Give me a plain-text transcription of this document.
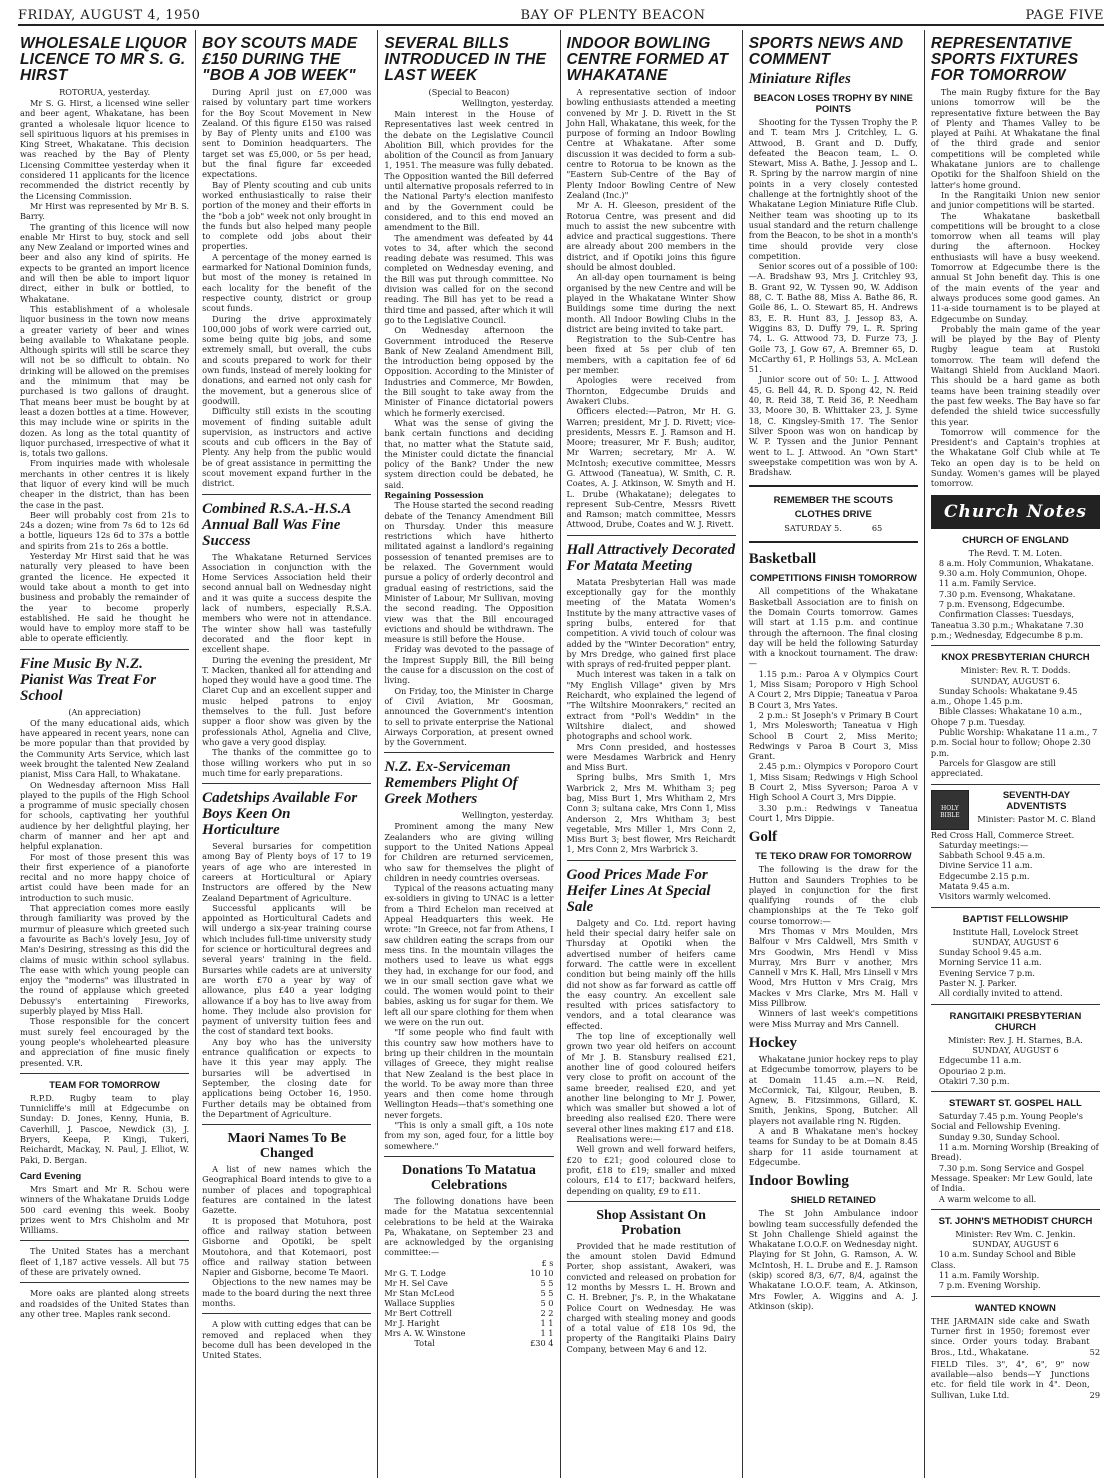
FRIDAY, AUGUST 4, 1950	BAY OF PLENTY BEACON	PAGE FIVE
WHOLESALE LIQUOR LICENCE TO MR S. G. HIRST
ROTORUA, yesterday.

Mr S. G. Hirst, a licensed wine seller and beer agent, Whakatane, has been granted a wholesale liquor licence to sell spirituous liquors at his premises in King Street, Whakatane. This decision was reached by the Bay of Plenty Licensing Committee yesterday when it considered 11 applicants for the licence recommended the district recently by the Licensing Commission.

Mr Hirst was represented by Mr B. S. Barry.

The granting of this licence will now enable Mr Hirst to buy, stock and sell any New Zealand or imported wines and beer and also any kind of spirits. He expects to be granted an import licence and will then be able to import liquor direct, either in bulk or bottled, to Whakatane.

This establishment of a wholesale liquor business in the town now means a greater variety of beer and wines being available to Whakatane people. Although spirits will still be scarce they will not be so difficult to obtain. No drinking will be allowed on the premises and the minimum that may be purchased is two gallons of draught. That means beer must be bought by at least a dozen bottles at a time. However, this may include wine or spirits in the dozen. As long as the total quantity of liquor purchased, irrespective of what it is, totals two gallons.

From inquiries made with wholesale merchants in other centres it is likely that liquor of every kind will be much cheaper in the district, than has been the case in the past.

Beer will probably cost from 21s to 24s a dozen; wine from 7s 6d to 12s 6d a bottle, liqueurs 12s 6d to 37s a bottle and spirits from 21s to 26s a bottle.

Yesterday Mr Hirst said that he was naturally very pleased to have been granted the licence. He expected it would take about a month to get into business and probably the remainder of the year to become properly established. He said he thought he would have to employ more staff to be able to operate efficiently.

Fine Music By N.Z. Pianist Was Treat For School
(An appreciation)

Of the many educational aids, which have appeared in recent years, none can be more popular than that provided by the Community Arts Service, which last week brought the talented New Zealand pianist, Miss Cara Hall, to Whakatane.

On Wednesday afternoon Miss Hall played to the pupils of the High School a programme of music specially chosen for schools, captivating her youthful audience by her delightful playing, her charm of manner and her apt and helpful explanation.

For most of those present this was their first experience of a pianoforte recital and no more happy choice of artist could have been made for an introduction to such music.

That appreciation comes more easily through familiarity was proved by the murmur of pleasure which greeted such a favourite as Bach's lovely Jesu, Joy of Man's Desiring, stressing as this did the claims of music within school syllabus. The ease with which young people can enjoy the "moderns" was illustrated in the round of applause which greeted Debussy's entertaining Fireworks, superbly played by Miss Hall.

Those responsible for the concert must surely feel encouraged by the young people's wholehearted pleasure and appreciation of fine music finely presented. V.R.

TEAM FOR TOMORROW

R.P.D. Rugby team to play Tunnicliffe's mill at Edgecumbe on Sunday: D. Jones, Kenny, Hunia, B. Caverhill, J. Pascoe, Newdick (3), J. Bryers, Keepa, P. Kingi, Tukeri, Reichardt, Mackay, N. Paul, J. Elliot, W. Paki, D. Bergan.

Card Evening

Mrs Smart and Mr R. Schou were winners of the Whakatane Druids Lodge 500 card evening this week. Booby prizes went to Mrs Chisholm and Mr Williams.

The United States has a merchant fleet of 1,187 active vessels. All but 75 of these are privately owned.

More oaks are planted along streets and roadsides of the United States than any other tree. Maples rank second.

BOY SCOUTS MADE £150 DURING THE "BOB A JOB WEEK"

During April just on £7,000 was raised by voluntary part time workers for the Boy Scout Movement in New Zealand. Of this figure £150 was raised by Bay of Plenty units and £100 was sent to Dominion headquarters. The target set was £5,000, or 5s per head, but the final figure far exceeded expectations.

Bay of Plenty scouting and cub units worked enthusiastically to raise their portion of the money and their efforts in the "bob a job" week not only brought in the funds but also helped many people to complete odd jobs about their properties.

A percentage of the money earned is earmarked for National Dominion funds, but most of the money is retained in each locality for the benefit of the respective county, district or group scout funds.

During the drive approximately 100,000 jobs of work were carried out, some being quite big jobs, and some extremely small, but overall, the cubs and scouts prepared to work for their own funds, instead of merely looking for donations, and earned not only cash for the movement, but a generous slice of goodwill.

Difficulty still exists in the scouting movement of finding suitable adult supervision, as instructors and active scouts and cub officers in the Bay of Plenty. Any help from the public would be of great assistance in permitting the scout movement expand further in the district.

Combined R.S.A.-H.S.A Annual Ball Was Fine Success

The Whakatane Returned Services Association in conjunction with the Home Services Association held their second annual ball on Wednesday night and it was quite a success despite the lack of numbers, especially R.S.A. members who were not in attendance. The winter show hall was tastefully decorated and the floor kept in excellent shape.

During the evening the president, Mr T. Macken, thanked all for attending and hoped they would have a good time. The Claret Cup and an excellent supper and music helped patrons to enjoy themselves to the full. Just before supper a floor show was given by the professionals Athol, Agnelia and Clive, who gave a very good display.

The thanks of the committee go to those willing workers who put in so much time for early preparations.

Cadetships Available For Boys Keen On Horticulture

Several bursaries for competition among Bay of Plenty boys of 17 to 19 years of age who are interested in careers at Horticultural or Apiary Instructors are offered by the New Zealand Department of Agriculture.

Successful applicants will be appointed as Horticultural Cadets and will undergo a six-year training course which includes full-time university study for science or horticultural degrees and several years' training in the field. Bursaries while cadets are at university are worth £70 a year by way of allowance, plus £40 a year lodging allowance if a boy has to live away from home. They include also provision for payment of university tuition fees and the cost of standard text books.

Any boy who has the university entrance qualification or expects to have it this year may apply. The bursaries will be advertised in September, the closing date for applications being October 16, 1950. Further details may be obtained from the Department of Agriculture.

Maori Names To Be Changed

A list of new names which the Geographical Board intends to give to a number of places and topographical features are contained in the latest Gazette.

It is proposed that Motuhora, post office and railway station between Gisborne and Opotiki, be spelt Moutohora, and that Kotemaori, post office and railway station between Napier and Gisborne, become Te Maori.

Objections to the new names may be made to the board during the next three months.

A plow with cutting edges that can be removed and replaced when they become dull has been developed in the United States.

SEVERAL BILLS INTRODUCED IN THE LAST WEEK
(Special to Beacon)
Wellington, yesterday.

Main interest in the House of Representatives last week centred in the debate on the Legislative Council Abolition Bill, which provides for the abolition of the Council as from January 1, 1951. The measure was fully debated. The Opposition wanted the Bill deferred until alternative proposals referred to in the National Party's election manifesto and by the Government could be considered, and to this end moved an amendment to the Bill.

The amendment was defeated by 44 votes to 34, after which the second reading debate was resumed. This was completed on Wednesday evening, and the Bill was put through committee. No division was called for on the second reading. The Bill has yet to be read a third time and passed, after which it will go to the Legislative Council.

On Wednesday afternoon the Government introduced the Reserve Bank of New Zealand Amendment Bill, the introduction being opposed by the Opposition. According to the Minister of Industries and Commerce, Mr Bowden, the Bill sought to take away from the Minister of Finance dictatorial powers which he formerly exercised.

What was the sense of giving the bank certain functions and deciding that, no matter what the Statute said, the Minister could dictate the financial policy of the Bank? Under the new system direction could be debated, he said.

Regaining Possession

The House started the second reading debate of the Tenancy Amendment Bill on Thursday. Under this measure restrictions which have hitherto militated against a landlord's regaining possession of tenanted premises are to be relaxed. The Government would pursue a policy of orderly decontrol and gradual easing of restrictions, said the Minister of Labour, Mr Sullivan, moving the second reading. The Opposition view was that the Bill encouraged evictions and should be withdrawn. The measure is still before the House.

Friday was devoted to the passage of the Imprest Supply Bill, the Bill being the cause for a discussion on the cost of living.

On Friday, too, the Minister in Charge of Civil Aviation, Mr Goosman, announced the Government's intention to sell to private enterprise the National Airways Corporation, at present owned by the Government.

N.Z. Ex-Serviceman Remembers Plight Of Greek Mothers
Wellington, yesterday.

Prominent among the many New Zealanders who are giving willing support to the United Nations Appeal for Children are returned servicemen, who saw for themselves the plight of children in needy countries overseas.

Typical of the reasons actuating many ex-soldiers in giving to UNAC is a letter from a Third Echelon man received at Appeal Headquarters this week. He wrote: "In Greece, not far from Athens, I saw children eating the scraps from our mess tins. In the mountain villages the mothers used to leave us what eggs they had, in exchange for our food, and we in our small section gave what we could. The women would point to their babies, asking us for sugar for them. We left all our spare clothing for them when we were on the run out.

"If some people who find fault with this country saw how mothers have to bring up their children in the mountain villages of Greece, they might realise that New Zealand is the best place in the world. To be away more than three years and then come home through Wellington Heads—that's something one never forgets.

"This is only a small gift, a 10s note from my son, aged four, for a little boy somewhere."

Donations To Matatua Celebrations

The following donations have been made for the Matatua sexcentennial celebrations to be held at the Wairaka Pa, Whakatane, on September 23 and are acknowledged by the organising committee:—

£ s
Mr G. T. Lodge	10 10
Mr H. Sel Cave	5 5
Mr Stan McLeod	5 5
Wallace Supplies	5 0
Mr Bert Cottrell	2 2
Mr J. Haright	1 1
Mrs A. W. Winstone	1 1
Total	£30 4
INDOOR BOWLING CENTRE FORMED AT WHAKATANE

A representative section of indoor bowling enthusiasts attended a meeting convened by Mr J. D. Rivett in the St John Hall, Whakatane, this week, for the purpose of forming an Indoor Bowling Centre at Whakatane. After some discussion it was decided to form a sub-centre to Rotorua to be known as the "Eastern Sub-Centre of the Bay of Plenty Indoor Bowling Centre of New Zealand (Inc.)"

Mr A. H. Gleeson, president of the Rotorua Centre, was present and did much to assist the new subcentre with advice and practical suggestions. There are already about 200 members in the district, and if Opotiki joins this figure should be almost doubled.

An all-day open tournament is being organised by the new Centre and will be played in the Whakatane Winter Show Buildings some time during the next month. All Indoor Bowling Clubs in the district are being invited to take part.

Registration to the Sub-Centre has been fixed at 5s per club of ten members, with a capitation fee of 6d per member.

Apologies were received from Thornton, Edgecumbe Druids and Awakeri Clubs.

Officers elected:—Patron, Mr H. G. Warren; president, Mr J. D. Rivett; vice-presidents, Messrs E. J. Ramson and H. Moore; treasurer, Mr F. Bush; auditor, Mr Warren; secretary, Mr A. W. McIntosh; executive committee, Messrs G. Attwood (Taneatua), W. Smith, C. R. Coates, A. J. Atkinson, W. Smyth and H. L. Drube (Whakatane); delegates to represent Sub-Centre, Messrs Rivett and Ramson; match committee, Messrs Attwood, Drube, Coates and W. J. Rivett.

Hall Attractively Decorated For Matata Meeting

Matata Presbyterian Hall was made exceptionally gay for the monthly meeting of the Matata Women's Institute by the many attractive vases of spring bulbs, entered for that competition. A vivid touch of colour was added by the "Winter Decoration" entry, by Mrs Dredge, who gained first place with sprays of red-fruited pepper plant.

Much interest was taken in a talk on "My English Village" given by Mrs Reichardt, who explained the legend of "The Wiltshire Moonrakers," recited an extract from "Poll's Weddin" in the Wiltshire dialect, and showed photographs and school work.

Mrs Conn presided, and hostesses were Mesdames Warbrick and Henry and Miss Burt.

Spring bulbs, Mrs Smith 1, Mrs Warbrick 2, Mrs M. Whitham 3; peg bag, Miss Burt 1, Mrs Whitham 2, Mrs Conn 3; sultana cake, Mrs Conn 1, Miss Anderson 2, Mrs Whitham 3; best vegetable, Mrs Miller 1, Mrs Conn 2, Miss Burt 3; best flower, Mrs Reichardt 1, Mrs Conn 2, Mrs Warbrick 3.

Good Prices Made For Heifer Lines At Special Sale

Dalgety and Co. Ltd. report having held their special dairy heifer sale on Thursday at Opotiki when the advertised number of heifers came forward. The cattle were in excellent condition but being mainly off the hills did not show as far forward as cattle off the easy country. An excellent sale resulted with prices satisfactory to vendors, and a total clearance was effected.

The top line of exceptionally well grown two year old heifers on account of Mr J. B. Stansbury realised £21, another line of good coloured heifers very close to profit on account of the same breeder, realised £20, and yet another line belonging to Mr J. Power, which was smaller but showed a lot of breeding also realised £20. There were several other lines making £17 and £18.

Realisations were:—

Well grown and well forward heifers, £20 to £21; good coloured close to profit, £18 to £19; smaller and mixed colours, £14 to £17; backward heifers, depending on quality, £9 to £11.

Shop Assistant On Probation

Provided that he made restitution of the amount stolen David Edmund Porter, shop assistant, Awakeri, was convicted and released on probation for 12 months by Messrs L. H. Brown and C. H. Brebner, J's. P., in the Whakatane Police Court on Wednesday. He was charged with stealing money and goods of a total value of £18 10s 9d, the property of the Rangitaiki Plains Dairy Company, between May 6 and 12.

SPORTS NEWS AND COMMENT
Miniature Rifles
BEACON LOSES TROPHY BY NINE POINTS

Shooting for the Tyssen Trophy the P. and T. team Mrs J. Critchley, L. G. Attwood, B. Grant and D. Duffy, defeated the Beacon team, L. O. Stewart, Miss A. Bathe, J. Jessop and L. R. Spring by the narrow margin of nine points in a very closely contested challenge at the fortnightly shoot of the Whakatane Legion Miniature Rifle Club. Neither team was shooting up to its usual standard and the return challenge from the Beacon, to be shot in a month's time should provide very close competition.

Senior scores out of a possible of 100:—A. Bradshaw 93, Mrs J. Critchley 93, B. Grant 92, W. Tyssen 90, W. Addison 88, C. T. Bathe 88, Miss A. Bathe 86, R. Goile 86, L. O. Stewart 85, H. Andrews 83, E. R. Hunt 83, J. Jessop 83, A. Wiggins 83, D. Duffy 79, L. R. Spring 74, L. G. Attwood 73, D. Furze 73, J. Goile 73, J. Gow 67, A. Bremner 65, D. McCarthy 61, P. Hollings 53, A. McLean 51.

Junior score out of 50: L. J. Attwood 45, G. Bell 44, R. D. Spong 42, N. Reid 40, R. Reid 38, T. Reid 36, P. Needham 33, Moore 30, B. Whittaker 23, J. Syme 18, C. Kingsley-Smith 17. The Senior Silver Spoon was won on handicap by W. P. Tyssen and the Junior Pennant went to L. J. Attwood. An "Own Start" sweepstake competition was won by A. Bradshaw.

REMEMBER THE SCOUTS
CLOTHES DRIVE
SATURDAY 5.	65
Basketball
COMPETITIONS FINISH TOMORROW

All competitions of the Whakatane Basketball Association are to finish on the Domain Courts tomorrow. Games will start at 1.15 p.m. and continue through the afternoon. The final closing day will be held the following Saturday with a knockout tournament. The draw:—

1.15 p.m.: Paroa A v Olympics Court 1, Miss Sisam; Poroporo v High School A Court 2, Mrs Dippie; Taneatua v Paroa B Court 3, Mrs Yates.

2 p.m.: St Joseph's v Primary B Court 1, Mrs Molesworth; Taneatua v High School B Court 2, Miss Merito; Redwings v Paroa B Court 3, Miss Grant.

2.45 p.m.: Olympics v Poroporo Court 1, Miss Sisam; Redwings v High School B Court 2, Miss Syverson; Paroa A v High School A Court 3, Mrs Dippie.

3.30 p.m.: Redwings v Taneatua Court 1, Mrs Dippie.

Golf
TE TEKO DRAW FOR TOMORROW

The following is the draw for the Hutton and Saunders Trophies to be played in conjunction for the first qualifying rounds of the club championships at the Te Teko golf course tomorrow:—

Mrs Thomas v Mrs Moulden, Mrs Balfour v Mrs Caldwell, Mrs Smith v Mrs Goodwin, Mrs Hendl v Miss Murray, Mrs Burr v another, Mrs Cannell v Mrs K. Hall, Mrs Linsell v Mrs Wood, Mrs Hutton v Mrs Craig, Mrs Mackes v Mrs Clarke, Mrs M. Hall v Miss Pillbrow.

Winners of last week's competitions were Miss Murray and Mrs Cannell.

Hockey

Whakatane junior hockey reps to play at Edgecumbe tomorrow, players to be at Domain 11.45 a.m.—N. Reid, McCormick, Tai, Kilgour, Reuben, B. Agnew, B. Fitzsimmons, Gillard, K. Smith, Jenkins, Spong, Butcher. All players not available ring N. Rigden.

A and B Whakatane men's hockey teams for Sunday to be at Domain 8.45 sharp for 11 aside tournament at Edgecumbe.

Indoor Bowling
SHIELD RETAINED

The St John Ambulance indoor bowling team successfully defended the St John Challenge Shield against the Whakatane I.O.O.F. on Wednesday night. Playing for St John, G. Ramson, A. W. McIntosh, H. L. Drube and E. J. Ramson (skip) scored 8/3, 6/7, 8/4, against the Whakatane I.O.O.F. team, A. Atkinson, Mrs Fowler, A. Wiggins and A. J. Atkinson (skip).

REPRESENTATIVE SPORTS FIXTURES FOR TOMORROW

The main Rugby fixture for the Bay unions tomorrow will be the representative fixture between the Bay of Plenty and Thames Valley to be played at Paihi. At Whakatane the final of the third grade and senior competitions will be completed while Whakatane juniors are to challenge Opotiki for the Shalfoon Shield on the latter's home ground.

In the Rangitaiki Union new senior and junior competitions will be started.

The Whakatane basketball competitions will be brought to a close tomorrow when all teams will play during the afternoon. Hockey enthusiasts will have a busy weekend. Tomorrow at Edgecumbe there is the annual St John benefit day. This is one of the main events of the year and always produces some good games. An 11-a-side tournament is to be played at Edgecumbe on Sunday.

Probably the main game of the year will be played by the Bay of Plenty Rugby league team at Rustoki tomorrow. The team will defend the Waitangi Shield from Auckland Maori. This should be a hard game as both teams have been training steadily over the past few weeks. The Bay have so far defended the shield twice successfully this year.

Tomorrow will commence for the President's and Captain's trophies at the Whakatane Golf Club while at Te Teko an open day is to be held on Sunday. Women's games will be played tomorrow.

Church Notes
CHURCH OF ENGLAND
The Revd. T. M. Loten.
8 a.m. Holy Communion, Whakatane.
9.30 a.m. Holy Communion, Ohope.
11 a.m. Family Service.
7.30 p.m. Evensong, Whakatane.
7 p.m. Evensong, Edgecumbe.
Confirmation Classes: Tuesdays, Taneatua 3.30 p.m.; Whakatane 7.30 p.m.; Wednesday, Edgecumbe 8 p.m.
KNOX PRESBYTERIAN CHURCH
Minister: Rev. R. T. Dodds.
SUNDAY, AUGUST 6.
Sunday Schools: Whakatane 9.45 a.m., Ohope 1.45 p.m.
Bible Classes: Whakatane 10 a.m., Ohope 7 p.m. Tuesday.
Public Worship: Whakatane 11 a.m., 7 p.m. Social hour to follow; Ohope 2.30 p.m.
Parcels for Glasgow are still appreciated.
HOLY BIBLE
SEVENTH-DAY ADVENTISTS
Minister: Pastor M. C. Bland
Red Cross Hall, Commerce Street.
Saturday meetings:—
Sabbath School 9.45 a.m.
Divine Service 11 a.m.
Edgecumbe 2.15 p.m.
Matata 9.45 a.m.
Visitors warmly welcomed.
BAPTIST FELLOWSHIP
Institute Hall, Lovelock Street
SUNDAY, AUGUST 6
Sunday School 9.45 a.m.
Morning Service 11 a.m.
Evening Service 7 p.m.
Paster N. J. Parker.
All cordially invited to attend.
RANGITAIKI PRESBYTERIAN CHURCH
Minister: Rev. J. H. Starnes, B.A.
SUNDAY, AUGUST 6
Edgecumbe 11 a.m.
Opouriao 2 p.m.
Otakiri 7.30 p.m.
STEWART ST. GOSPEL HALL
Saturday 7.45 p.m. Young People's Social and Fellowship Evening.
Sunday 9.30, Sunday School.
11 a.m. Morning Worship (Breaking of Bread).
7.30 p.m. Song Service and Gospel Message. Speaker: Mr Lew Gould, late of India.
A warm welcome to all.
ST. JOHN'S METHODIST CHURCH
Minister: Rev Wm. C. Jenkin.
SUNDAY, AUGUST 6
10 a.m. Sunday School and Bible Class.
11 a.m. Family Worship.
7 p.m. Evening Worship.
WANTED KNOWN

THE JARMAIN side cake and Swath Turner first in 1950; foremost ever since. Order yours today. Brabant Bros., Ltd., Whakatane.	52

FIELD Tiles. 3", 4", 6", 9" now available—also bends—Y Junctions etc. for field tile work in 4". Deon, Sullivan, Luke Ltd.	29
